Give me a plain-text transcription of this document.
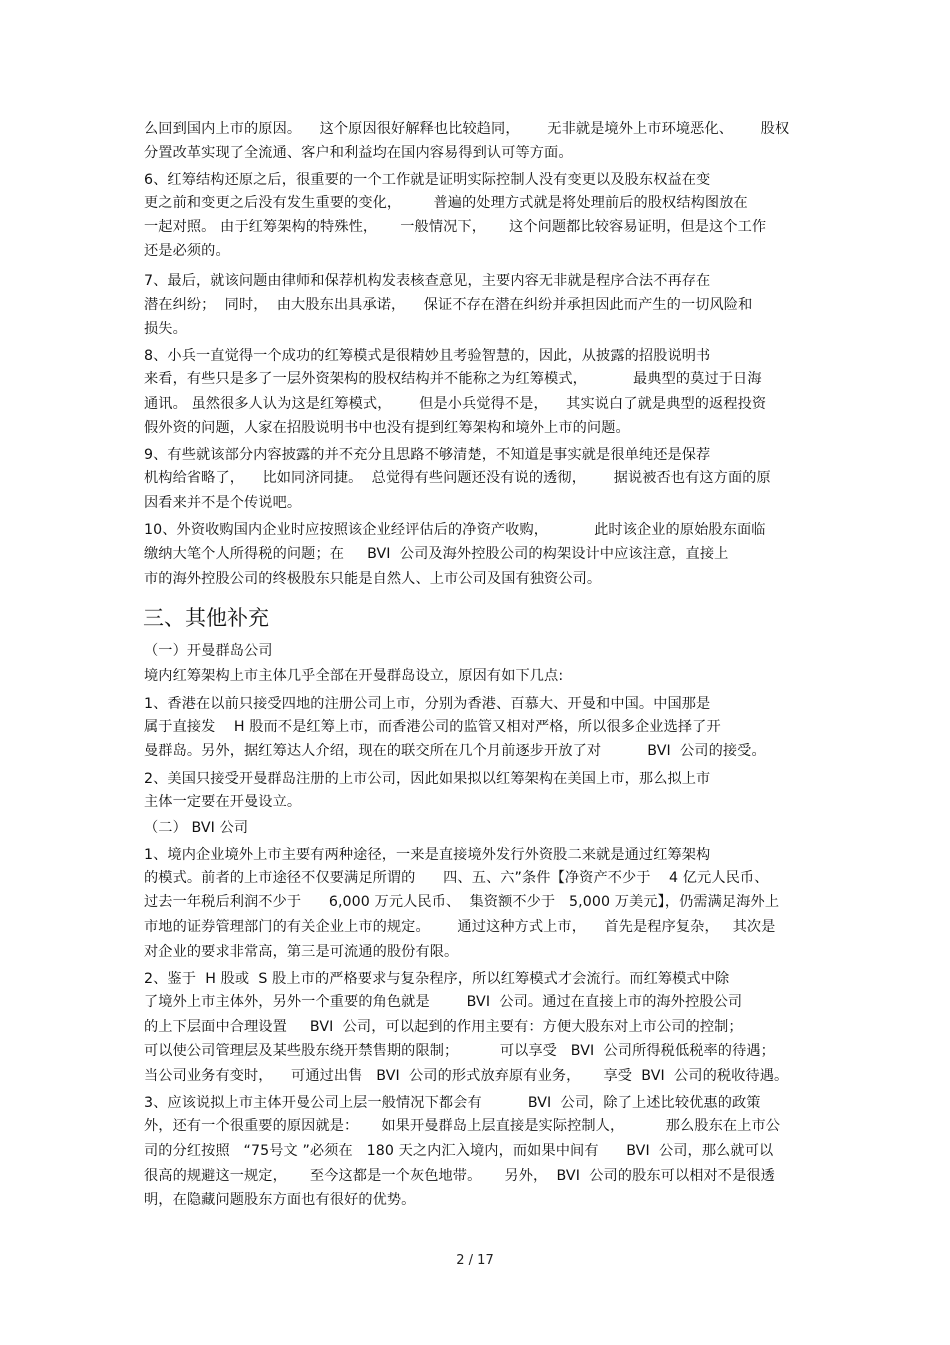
么回到国内上市的原因。    这个原因很好解释也比较趋同，      无非就是境外上市环境恶化、      股权
分置改革实现了全流通、客户和利益均在国内容易得到认可等方面。
6、红筹结构还原之后，很重要的一个工作就是证明实际控制人没有变更以及股东权益在变
更之前和变更之后没有发生重要的变化，       普遍的处理方式就是将处理前后的股权结构图放在
一起对照。 由于红筹架构的特殊性，     一般情况下，     这个问题都比较容易证明，但是这个工作
还是必须的。
7、最后，就该问题由律师和保荐机构发表核查意见，主要内容无非就是程序合法不再存在
潜在纠纷；  同时，  由大股东出具承诺，    保证不存在潜在纠纷并承担因此而产生的一切风险和
损失。
8、小兵一直觉得一个成功的红筹模式是很精妙且考验智慧的，因此，从披露的招股说明书
来看，有些只是多了一层外资架构的股权结构并不能称之为红筹模式，          最典型的莫过于日海
通讯。 虽然很多人认为这是红筹模式，      但是小兵觉得不是，    其实说白了就是典型的返程投资
假外资的问题，人家在招股说明书中也没有提到红筹架构和境外上市的问题。
9、有些就该部分内容披露的并不充分且思路不够清楚，不知道是事实就是很单纯还是保荐
机构给省略了，    比如同济同捷。  总觉得有些问题还没有说的透彻，      据说被否也有这方面的原
因看来并不是个传说吧。
10、外资收购国内企业时应按照该企业经评估后的净资产收购，          此时该企业的原始股东面临
缴纳大笔个人所得税的问题；在     BVI  公司及海外控股公司的构架设计中应该注意，直接上
市的海外控股公司的终极股东只能是自然人、上市公司及国有独资公司。
三、其他补充
（一）开曼群岛公司
境内红筹架构上市主体几乎全部在开曼群岛设立，原因有如下几点:
1、香港在以前只接受四地的注册公司上市，分别为香港、百慕大、开曼和中国。中国那是
属于直接发    H 股而不是红筹上市，而香港公司的监管又相对严格，所以很多企业选择了开
曼群岛。另外，据红筹达人介绍，现在的联交所在几个月前逐步开放了对          BVI  公司的接受。
2、美国只接受开曼群岛注册的上市公司，因此如果拟以红筹架构在美国上市，那么拟上市
主体一定要在开曼设立。
（二） BVI 公司
1、境内企业境外上市主要有两种途径，一来是直接境外发行外资股二来就是通过红筹架构
的模式。前者的上市途径不仅要满足所谓的      四、五、六”条件【净资产不少于    4 亿元人民币、
过去一年税后利润不少于      6,000 万元人民币、  集资额不少于   5,000 万美元】，仍需满足海外上
市地的证券管理部门的有关企业上市的规定。      通过这种方式上市，    首先是程序复杂，   其次是
对企业的要求非常高，第三是可流通的股份有限。
2、鉴于  H 股或  S 股上市的严格要求与复杂程序，所以红筹模式才会流行。而红筹模式中除
了境外上市主体外，另外一个重要的角色就是        BVI  公司。通过在直接上市的海外控股公司
的上下层面中合理设置     BVI  公司，可以起到的作用主要有：方便大股东对上市公司的控制；
可以使公司管理层及某些股东绕开禁售期的限制；         可以享受   BVI  公司所得税低税率的待遇；
当公司业务有变时，    可通过出售   BVI  公司的形式放弃原有业务，     享受  BVI  公司的税收待遇。
3、应该说拟上市主体开曼公司上层一般情况下都会有          BVI  公司，除了上述比较优惠的政策
外，还有一个很重要的原因就是：     如果开曼群岛上层直接是实际控制人，         那么股东在上市公
司的分红按照   “75号文 ”必须在   180 天之内汇入境内，而如果中间有      BVI  公司，那么就可以
很高的规避这一规定，     至今这都是一个灰色地带。     另外，  BVI  公司的股东可以相对不是很透
明，在隐藏问题股东方面也有很好的优势。
2 / 17
